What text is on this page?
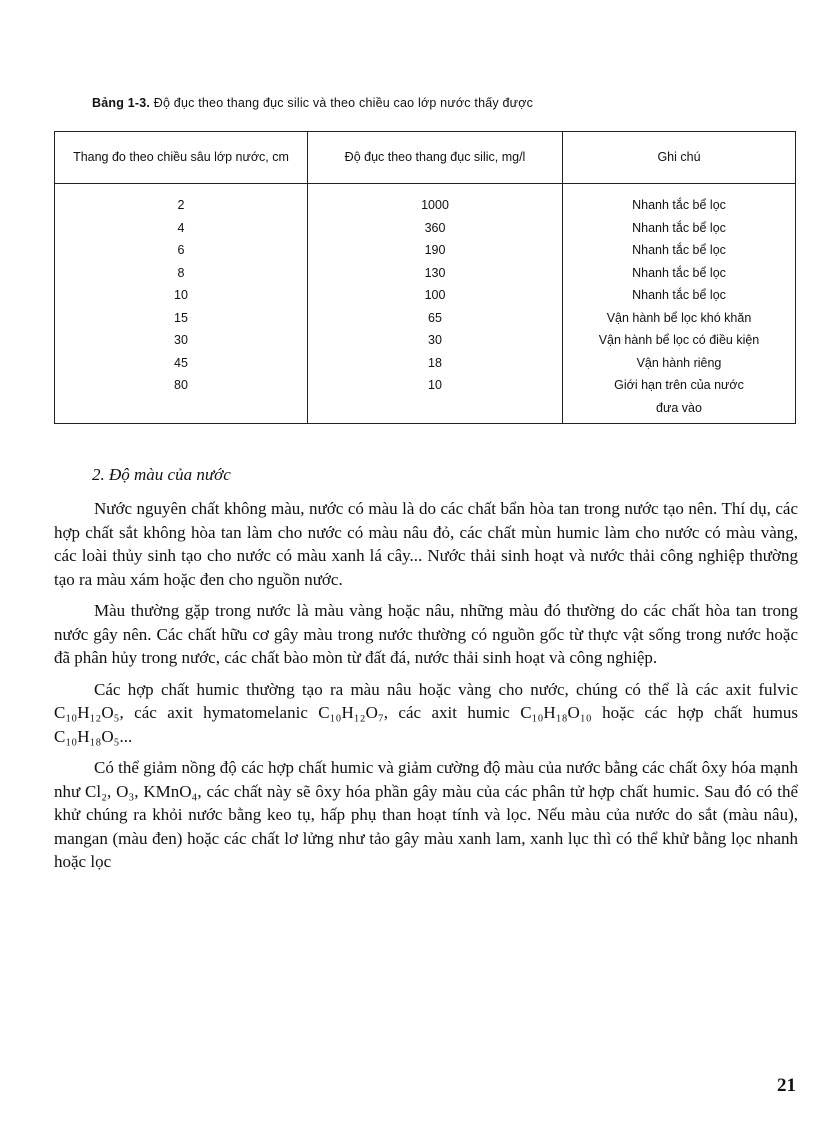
Bảng 1-3. Độ đục theo thang đục silic và theo chiều cao lớp nước thấy được
Thang đo theo chiều sâu lớp nước, cm	Độ đục theo thang đục silic, mg/l	Ghi chú
2	1000	Nhanh tắc bể lọc
4	360	Nhanh tắc bể lọc
6	190	Nhanh tắc bể lọc
8	130	Nhanh tắc bể lọc
10	100	Nhanh tắc bể lọc
15	65	Vận hành bể lọc khó khăn
30	30	Vận hành bể lọc có điều kiện
45	18	Vận hành riêng
80	10	Giới hạn trên của nước đưa vào
2. Độ màu của nước

Nước nguyên chất không màu, nước có màu là do các chất bẩn hòa tan trong nước tạo nên. Thí dụ, các hợp chất sắt không hòa tan làm cho nước có màu nâu đỏ, các chất mùn humic làm cho nước có màu vàng, các loài thủy sinh tạo cho nước có màu xanh lá cây... Nước thải sinh hoạt và nước thải công nghiệp thường tạo ra màu xám hoặc đen cho nguồn nước.

Màu thường gặp trong nước là màu vàng hoặc nâu, những màu đó thường do các chất hòa tan trong nước gây nên. Các chất hữu cơ gây màu trong nước thường có nguồn gốc từ thực vật sống trong nước hoặc đã phân hủy trong nước, các chất bào mòn từ đất đá, nước thải sinh hoạt và công nghiệp.

Các hợp chất humic thường tạo ra màu nâu hoặc vàng cho nước, chúng có thể là các axit fulvic C₁₀H₁₂O₅, các axit hymatomelanic C₁₀H₁₂O₇, các axit humic C₁₀H₁₈O₁₀ hoặc các hợp chất humus C₁₀H₁₈O₅...

Có thể giảm nồng độ các hợp chất humic và giảm cường độ màu của nước bằng các chất ôxy hóa mạnh như Cl₂, O₃, KMnO₄, các chất này sẽ ôxy hóa phần gây màu của các phân tử hợp chất humic. Sau đó có thể khử chúng ra khỏi nước bằng keo tụ, hấp phụ than hoạt tính và lọc. Nếu màu của nước do sắt (màu nâu), mangan (màu đen) hoặc các chất lơ lửng như tảo gây màu xanh lam, xanh lục thì có thể khử bằng lọc nhanh hoặc lọc

21
